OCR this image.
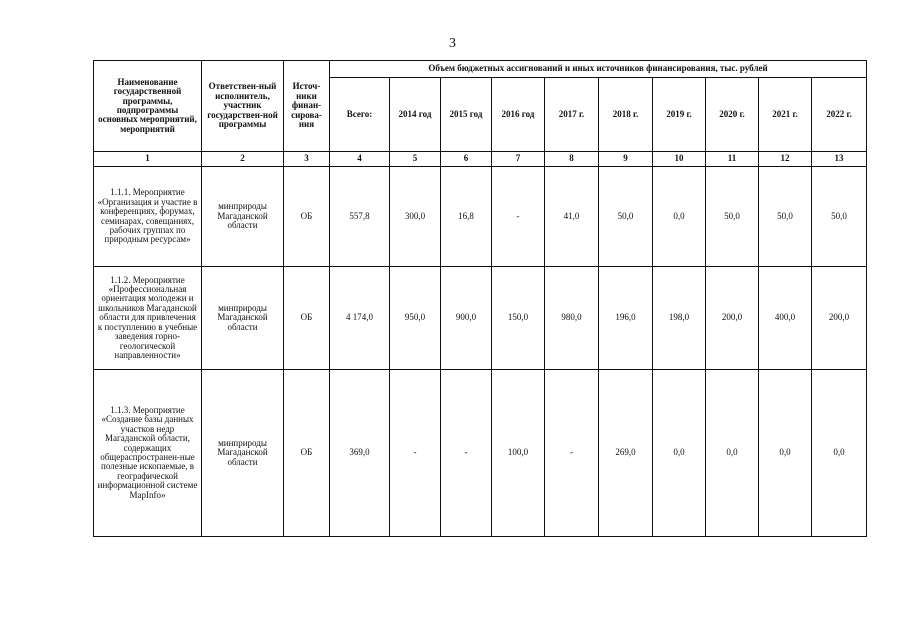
3
Наименование государственной программы, подпрограммы основных мероприятий, мероприятий	Ответствен-ный исполнитель, участник государствен-ной программы	Источ-ники финан-сирова-ния	Объем бюджетных ассигнований и иных источников финансирования, тыс. рублей									
			Всего:	2014 год	2015 год	2016 год	2017 г.	2018 г.	2019 г.	2020 г.	2021 г.	2022 г.
1	2	3	4	5	6	7	8	9	10	11	12	13
1.1.1. Мероприятие «Организация и участие в конференциях, форумах, семинарах, совещаниях, рабочих группах по природным ресурсам»	минприроды Магаданской области	ОБ	557,8	300,0	16,8	-	41,0	50,0	0,0	50,0	50,0	50,0
1.1.2. Мероприятие «Профессиональная ориентация молодежи и школьников Магаданской области для привлечения к поступлению в учебные заведения горно-геологической направленности»	минприроды Магаданской области	ОБ	4 174,0	950,0	900,0	150,0	980,0	196,0	198,0	200,0	400,0	200,0
1.1.3. Мероприятие «Создание базы данных участков недр Магаданской области, содержащих общераспространен-ные полезные ископаемые, в географической информационной системе MapInfo»	минприроды Магаданской области	ОБ	369,0	-	-	100,0	-	269,0	0,0	0,0	0,0	0,0
